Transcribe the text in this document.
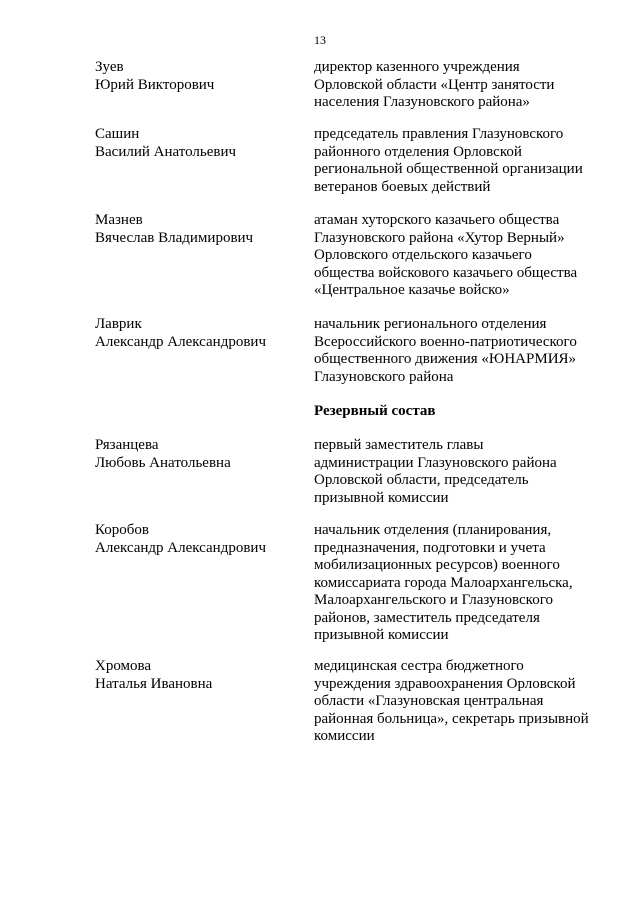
13
Зуев
Юрий Викторович
директор казенного учреждения
Орловской области «Центр занятости
населения Глазуновского района»
Сашин
Василий Анатольевич
председатель правления Глазуновского
районного отделения Орловской
региональной общественной организации
ветеранов боевых действий
Мазнев
Вячеслав Владимирович
атаман хуторского казачьего общества
Глазуновского района «Хутор Верный»
Орловского отдельского казачьего
общества войскового казачьего общества
«Центральное казачье войско»
Лаврик
Александр Александрович
начальник регионального отделения
Всероссийского военно-патриотического
общественного движения «ЮНАРМИЯ»
Глазуновского района
Резервный состав
Рязанцева
Любовь Анатольевна
первый заместитель главы
администрации Глазуновского района
Орловской области, председатель
призывной комиссии
Коробов
Александр Александрович
начальник отделения (планирования,
предназначения, подготовки и учета
мобилизационных ресурсов) военного
комиссариата города Малоархангельска,
Малоархангельского и Глазуновского
районов, заместитель председателя
призывной комиссии
Хромова
Наталья Ивановна
медицинская сестра бюджетного
учреждения здравоохранения Орловской
области «Глазуновская центральная
районная больница», секретарь призывной
комиссии
